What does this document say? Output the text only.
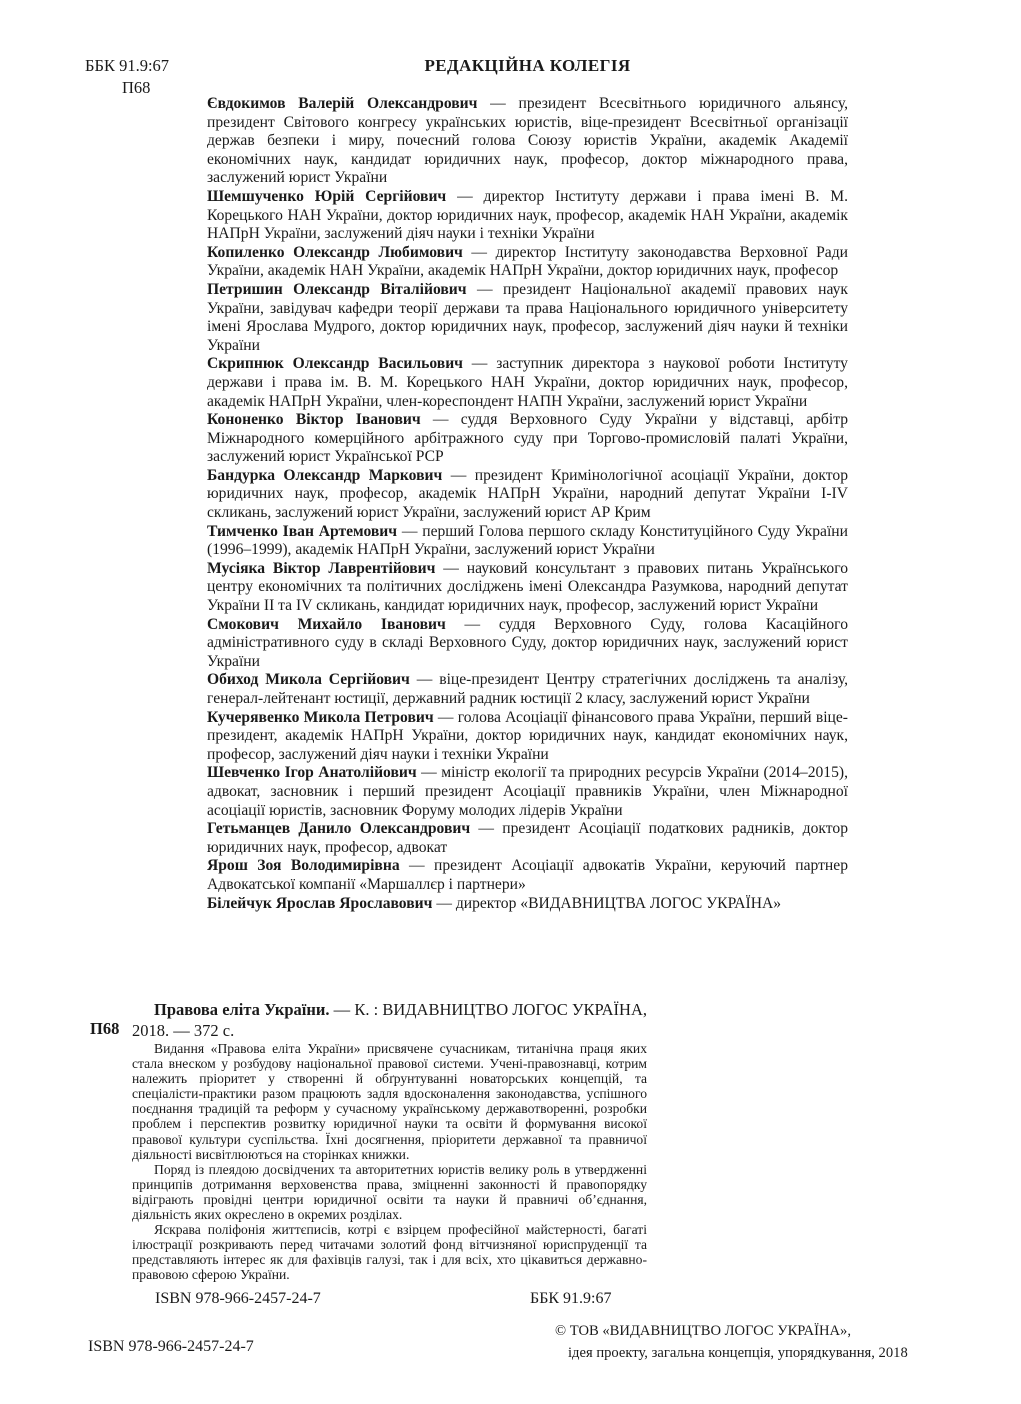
ББК 91.9:67
П68
РЕДАКЦІЙНА КОЛЕГІЯ

Євдокимов Валерій Олександрович — президент Всесвітнього юридичного альянсу, президент Світового конгресу українських юристів, віце-президент Всесвітньої організації держав безпеки і миру, почесний голова Союзу юристів України, академік Академії економічних наук, кандидат юридичних наук, професор, доктор міжнародного права, заслужений юрист України

Шемшученко Юрій Сергійович — директор Інституту держави і права імені В. М. Корецького НАН України, доктор юридичних наук, професор, академік НАН України, академік НАПрН України, заслужений діяч науки і техніки України

Копиленко Олександр Любимович — директор Інституту законодавства Верховної Ради України, академік НАН України, академік НАПрН України, доктор юридичних наук, професор

Петришин Олександр Віталійович — президент Національної академії правових наук України, завідувач кафедри теорії держави та права Національного юридичного університету імені Ярослава Мудрого, доктор юридичних наук, професор, заслужений діяч науки й техніки України

Скрипнюк Олександр Васильович — заступник директора з наукової роботи Інституту держави і права ім. В. М. Корецького НАН України, доктор юридичних наук, професор, академік НАПрН України, член-кореспондент НАПН України, заслужений юрист України

Кононенко Віктор Іванович — суддя Верховного Суду України у відставці, арбітр Міжнародного комерційного арбітражного суду при Торгово-промисловій палаті України, заслужений юрист Української РСР

Бандурка Олександр Маркович — президент Кримінологічної асоціації України, доктор юридичних наук, професор, академік НАПрН України, народний депутат України І-ІV скликань, заслужений юрист України, заслужений юрист АР Крим

Тимченко Іван Артемович — перший Голова першого складу Конституційного Суду України (1996–1999), академік НАПрН України, заслужений юрист України

Мусіяка Віктор Лаврентійович — науковий консультант з правових питань Українського центру економічних та політичних досліджень імені Олександра Разумкова, народний депутат України ІІ та ІV скликань, кандидат юридичних наук, професор, заслужений юрист України

Смокович Михайло Іванович — суддя Верховного Суду, голова Касаційного адміністративного суду в складі Верховного Суду, доктор юридичних наук, заслужений юрист України

Обиход Микола Сергійович — віце-президент Центру стратегічних досліджень та аналізу, генерал-лейтенант юстиції, державний радник юстиції 2 класу, заслужений юрист України

Кучерявенко Микола Петрович — голова Асоціації фінансового права України, перший віце-президент, академік НАПрН України, доктор юридичних наук, кандидат економічних наук, професор, заслужений діяч науки і техніки України

Шевченко Ігор Анатолійович — міністр екології та природних ресурсів України (2014–2015), адвокат, засновник і перший президент Асоціації правників України, член Міжнародної асоціації юристів, засновник Форуму молодих лідерів України

Гетьманцев Данило Олександрович — президент Асоціації податкових радників, доктор юридичних наук, професор, адвокат

Ярош Зоя Володимирівна — президент Асоціації адвокатів України, керуючий партнер Адвокатської компанії «Маршаллєр і партнери»

Білейчук Ярослав Ярославович — директор «ВИДАВНИЦТВА ЛОГОС УКРАЇНА»

П68

Правова еліта України. — К. : ВИДАВНИЦТВО ЛОГОС УКРАЇНА, 2018. — 372 с.

Видання «Правова еліта України» присвячене сучасникам, титанічна праця яких стала внеском у розбудову національної правової системи. Учені-правознавці, котрим належить пріоритет у створенні й обґрунтуванні новаторських концепцій, та спеціалісти-практики разом працюють задля вдосконалення законодавства, успішного поєднання традицій та реформ у сучасному українському державотворенні, розробки проблем і перспектив розвитку юридичної науки та освіти й формування високої правової культури суспільства. Їхні досягнення, пріоритети державної та правничої діяльності висвітлюються на сторінках книжки.

Поряд із плеядою досвідчених та авторитетних юристів велику роль в утвердженні принципів дотримання верховенства права, зміцненні законності й правопорядку відіграють провідні центри юридичної освіти та науки й правничі об’єднання, діяльність яких окреслено в окремих розділах.

Яскрава поліфонія життєписів, котрі є взірцем професійної майстерності, багаті ілюстрації розкривають перед читачами золотий фонд вітчизняної юриспруденції та представляють інтерес як для фахівців галузі, так і для всіх, хто цікавиться державно-правовою сферою України.

ISBN 978-966-2457-24-7	ББК 91.9:67
ISBN 978-966-2457-24-7
© ТОВ «ВИДАВНИЦТВО ЛОГОС УКРАЇНА»,
ідея проекту, загальна концепція, упорядкування, 2018
